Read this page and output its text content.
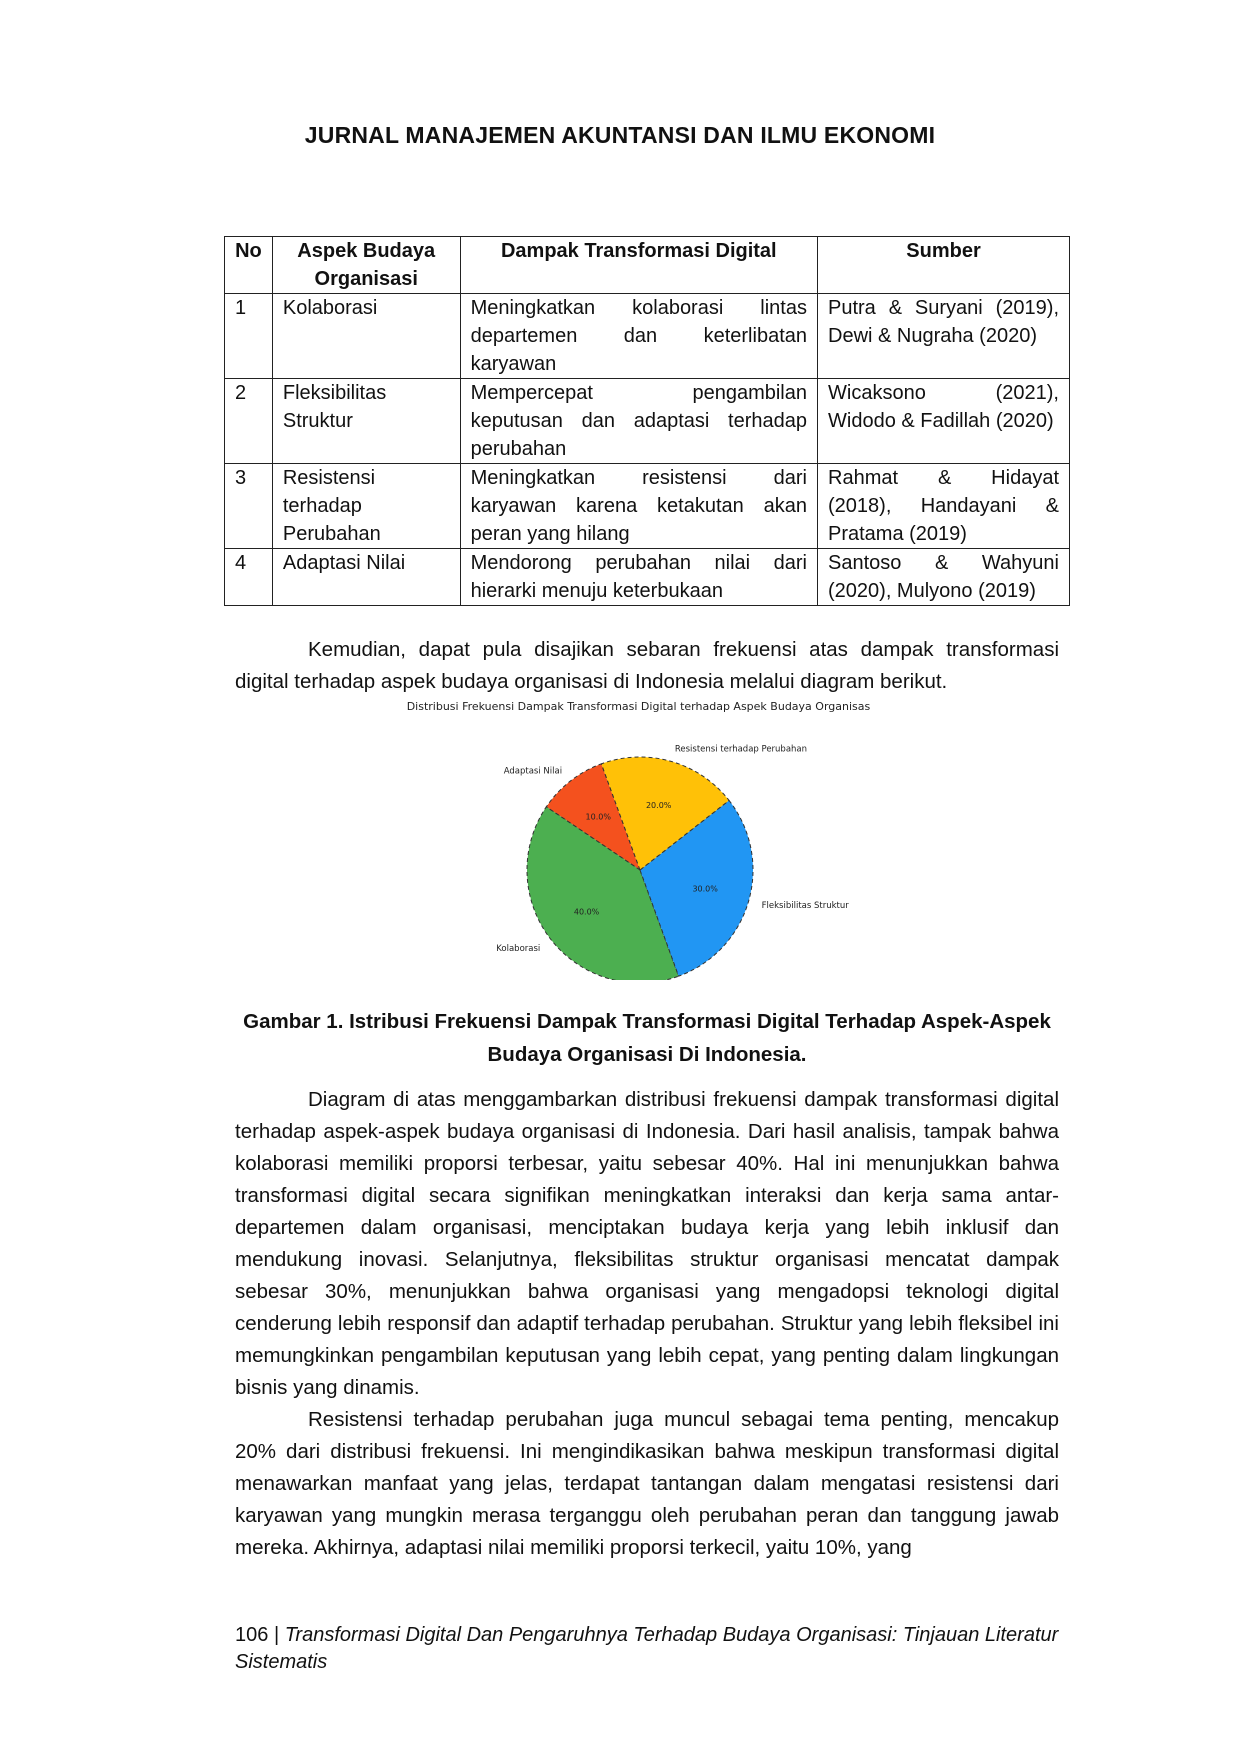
JURNAL MANAJEMEN AKUNTANSI DAN ILMU EKONOMI
No	Aspek Budaya Organisasi	Dampak Transformasi Digital	Sumber
1	Kolaborasi	Meningkatkan kolaborasi lintas departemen dan keterlibatan karyawan	Putra & Suryani (2019), Dewi & Nugraha (2020)
2	Fleksibilitas Struktur	Mempercepat pengambilan keputusan dan adaptasi terhadap perubahan	Wicaksono (2021), Widodo & Fadillah (2020)
3	Resistensi terhadap Perubahan	Meningkatkan resistensi dari karyawan karena ketakutan akan peran yang hilang	Rahmat & Hidayat (2018), Handayani & Pratama (2019)
4	Adaptasi Nilai	Mendorong perubahan nilai dari hierarki menuju keterbukaan	Santoso & Wahyuni (2020), Mulyono (2019)

Kemudian, dapat pula disajikan sebaran frekuensi atas dampak transformasi digital terhadap aspek budaya organisasi di Indonesia melalui diagram berikut.

Distribusi Frekuensi Dampak Transformasi Digital terhadap Aspek Budaya Organisasi
10.0%
Adaptasi Nilai
40.0%
Kolaborasi
30.0%
Fleksibilitas Struktur
20.0%
Resistensi terhadap Perubahan
Gambar 1. Istribusi Frekuensi Dampak Transformasi Digital Terhadap Aspek-Aspek Budaya Organisasi Di Indonesia.

Diagram di atas menggambarkan distribusi frekuensi dampak transformasi digital terhadap aspek-aspek budaya organisasi di Indonesia. Dari hasil analisis, tampak bahwa kolaborasi memiliki proporsi terbesar, yaitu sebesar 40%. Hal ini menunjukkan bahwa transformasi digital secara signifikan meningkatkan interaksi dan kerja sama antar-departemen dalam organisasi, menciptakan budaya kerja yang lebih inklusif dan mendukung inovasi. Selanjutnya, fleksibilitas struktur organisasi mencatat dampak sebesar 30%, menunjukkan bahwa organisasi yang mengadopsi teknologi digital cenderung lebih responsif dan adaptif terhadap perubahan. Struktur yang lebih fleksibel ini memungkinkan pengambilan keputusan yang lebih cepat, yang penting dalam lingkungan bisnis yang dinamis.

Resistensi terhadap perubahan juga muncul sebagai tema penting, mencakup 20% dari distribusi frekuensi. Ini mengindikasikan bahwa meskipun transformasi digital menawarkan manfaat yang jelas, terdapat tantangan dalam mengatasi resistensi dari karyawan yang mungkin merasa terganggu oleh perubahan peran dan tanggung jawab mereka. Akhirnya, adaptasi nilai memiliki proporsi terkecil, yaitu 10%, yang

106 | Transformasi Digital Dan Pengaruhnya Terhadap Budaya Organisasi: Tinjauan Literatur Sistematis
